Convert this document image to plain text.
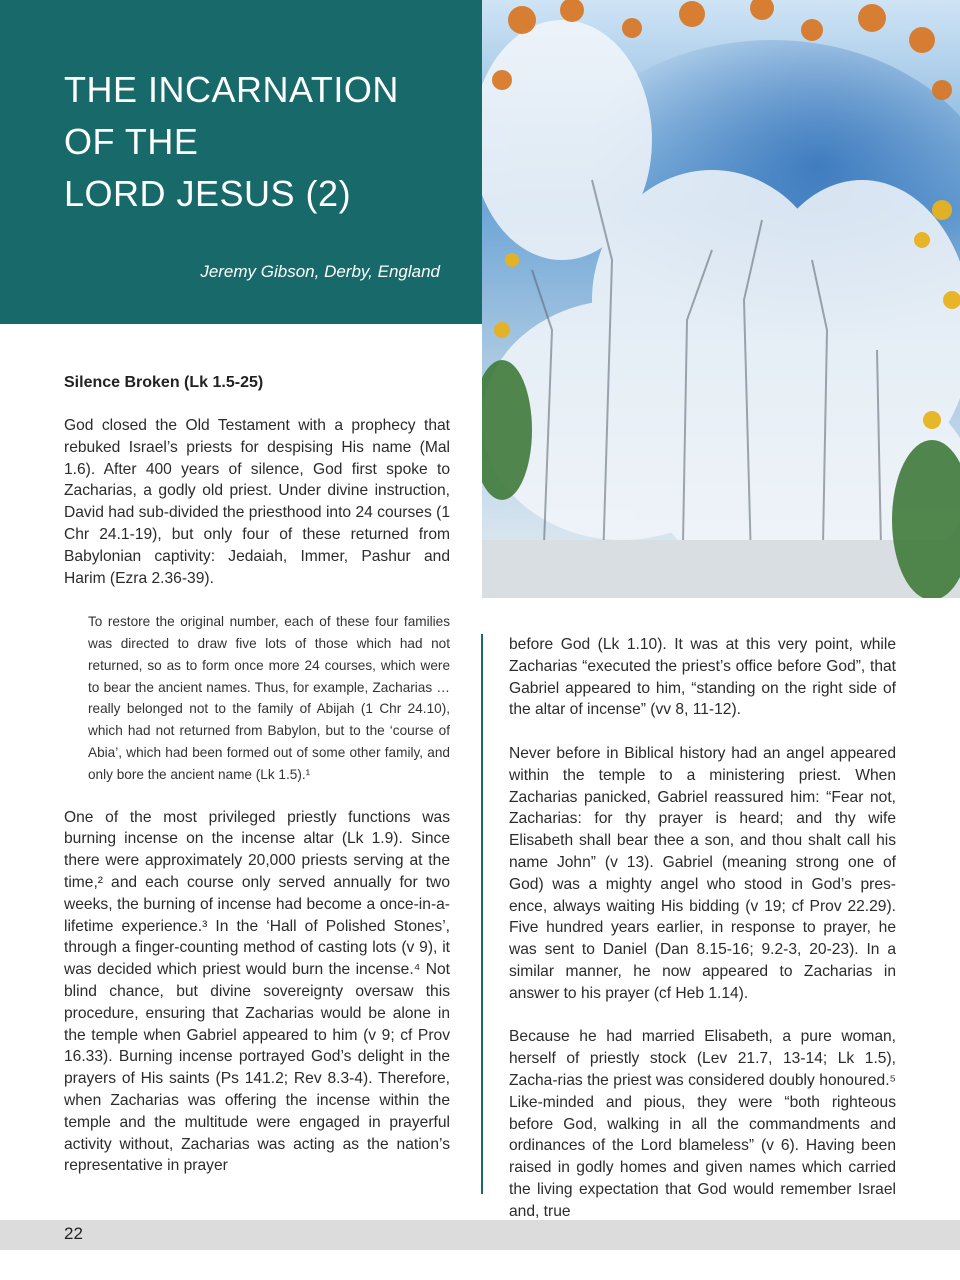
THE INCARNATION
OF THE
LORD JESUS (2)
Jeremy Gibson, Derby, England
Silence Broken (Lk 1.5-25)

God closed the Old Testament with a prophecy that rebuked Israel’s priests for despising His name (Mal 1.6). After 400 years of silence, God first spoke to Zacharias, a godly old priest. Under divine instruction, David had sub-divided the priesthood into 24 courses (1 Chr 24.1-19), but only four of these returned from Babylonian captivity: Jedaiah, Immer, Pashur and Harim (Ezra 2.36-39).

To restore the original number, each of these four families was directed to draw five lots of those which had not returned, so as to form once more 24 courses, which were to bear the ancient names. Thus, for example, Zacharias … really belonged not to the family of Abijah (1 Chr 24.10), which had not returned from Babylon, but to the ‘course of Abia’, which had been formed out of some other family, and only bore the ancient name (Lk 1.5).¹

One of the most privileged priestly functions was burning incense on the incense altar (Lk 1.9). Since there were approximately 20,000 priests serving at the time,² and each course only served annually for two weeks, the burning of incense had become a once-in-a-lifetime experience.³ In the ‘Hall of Polished Stones’, through a finger-counting method of casting lots (v 9), it was decided which priest would burn the incense.⁴ Not blind chance, but divine sovereignty oversaw this procedure, ensuring that Zacharias would be alone in the temple when Gabriel appeared to him (v 9; cf Prov 16.33). Burning incense portrayed God’s delight in the prayers of His saints (Ps 141.2; Rev 8.3-4). Therefore, when Zacharias was offering the incense within the temple and the multitude were engaged in prayerful activity without, Zacharias was acting as the nation’s representative in prayer

before God (Lk 1.10). It was at this very point, while Zacharias “executed the priest’s office before God”, that Gabriel appeared to him, “standing on the right side of the altar of incense” (vv 8, 11-12).

Never before in Biblical history had an angel appeared within the temple to a ministering priest. When Zacharias panicked, Gabriel reassured him: “Fear not, Zacharias: for thy prayer is heard; and thy wife Elisabeth shall bear thee a son, and thou shalt call his name John” (v 13). Gabriel (meaning strong one of God) was a mighty angel who stood in God’s pres-ence, always waiting His bidding (v 19; cf Prov 22.29). Five hundred years earlier, in response to prayer, he was sent to Daniel (Dan 8.15-16; 9.2-3, 20-23). In a similar manner, he now appeared to Zacharias in answer to his prayer (cf Heb 1.14).

Because he had married Elisabeth, a pure woman, herself of priestly stock (Lev 21.7, 13-14; Lk 1.5), Zacha-rias the priest was considered doubly honoured.⁵ Like-minded and pious, they were “both righteous before God, walking in all the commandments and ordinances of the Lord blameless” (v 6). Having been raised in godly homes and given names which carried the living expectation that God would remember Israel and, true

22
